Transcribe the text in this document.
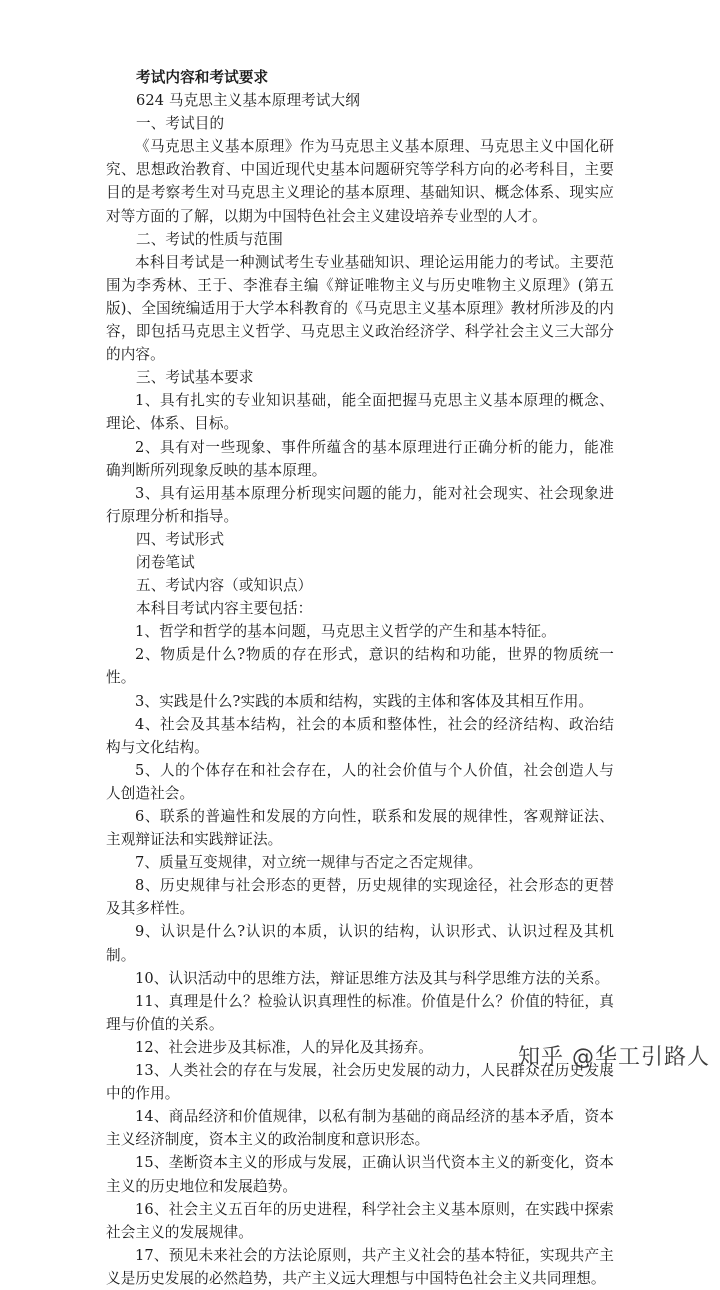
考试内容和考试要求

624 马克思主义基本原理考试大纲

一、考试目的

《马克思主义基本原理》作为马克思主义基本原理、马克思主义中国化研究、思想政治教育、中国近现代史基本问题研究等学科方向的必考科目，主要目的是考察考生对马克思主义理论的基本原理、基础知识、概念体系、现实应对等方面的了解，以期为中国特色社会主义建设培养专业型的人才。

二、考试的性质与范围

本科目考试是一种测试考生专业基础知识、理论运用能力的考试。主要范围为李秀林、王于、李淮春主编《辩证唯物主义与历史唯物主义原理》(第五版)、全国统编适用于大学本科教育的《马克思主义基本原理》教材所涉及的内容，即包括马克思主义哲学、马克思主义政治经济学、科学社会主义三大部分的内容。

三、考试基本要求

1、具有扎实的专业知识基础，能全面把握马克思主义基本原理的概念、理论、体系、目标。

2、具有对一些现象、事件所蕴含的基本原理进行正确分析的能力，能准确判断所列现象反映的基本原理。

3、具有运用基本原理分析现实问题的能力，能对社会现实、社会现象进行原理分析和指导。

四、考试形式

闭卷笔试

五、考试内容（或知识点）

本科目考试内容主要包括：

1、哲学和哲学的基本问题，马克思主义哲学的产生和基本特征。

2、物质是什么?物质的存在形式，意识的结构和功能，世界的物质统一性。

3、实践是什么?实践的本质和结构，实践的主体和客体及其相互作用。

4、社会及其基本结构，社会的本质和整体性，社会的经济结构、政治结构与文化结构。

5、人的个体存在和社会存在，人的社会价值与个人价值，社会创造人与人创造社会。

6、联系的普遍性和发展的方向性，联系和发展的规律性，客观辩证法、主观辩证法和实践辩证法。

7、质量互变规律，对立统一规律与否定之否定规律。

8、历史规律与社会形态的更替，历史规律的实现途径，社会形态的更替及其多样性。

9、认识是什么?认识的本质，认识的结构，认识形式、认识过程及其机制。

10、认识活动中的思维方法，辩证思维方法及其与科学思维方法的关系。

11、真理是什么？检验认识真理性的标准。价值是什么？价值的特征，真理与价值的关系。

12、社会进步及其标准，人的异化及其扬弃。

13、人类社会的存在与发展，社会历史发展的动力，人民群众在历史发展中的作用。

14、商品经济和价值规律，以私有制为基础的商品经济的基本矛盾，资本主义经济制度，资本主义的政治制度和意识形态。

15、垄断资本主义的形成与发展，正确认识当代资本主义的新变化，资本主义的历史地位和发展趋势。

16、社会主义五百年的历史进程，科学社会主义基本原则，在实践中探索社会主义的发展规律。

17、预见未来社会的方法论原则，共产主义社会的基本特征，实现共产主义是历史发展的必然趋势，共产主义远大理想与中国特色社会主义共同理想。

知乎 @华工引路人
